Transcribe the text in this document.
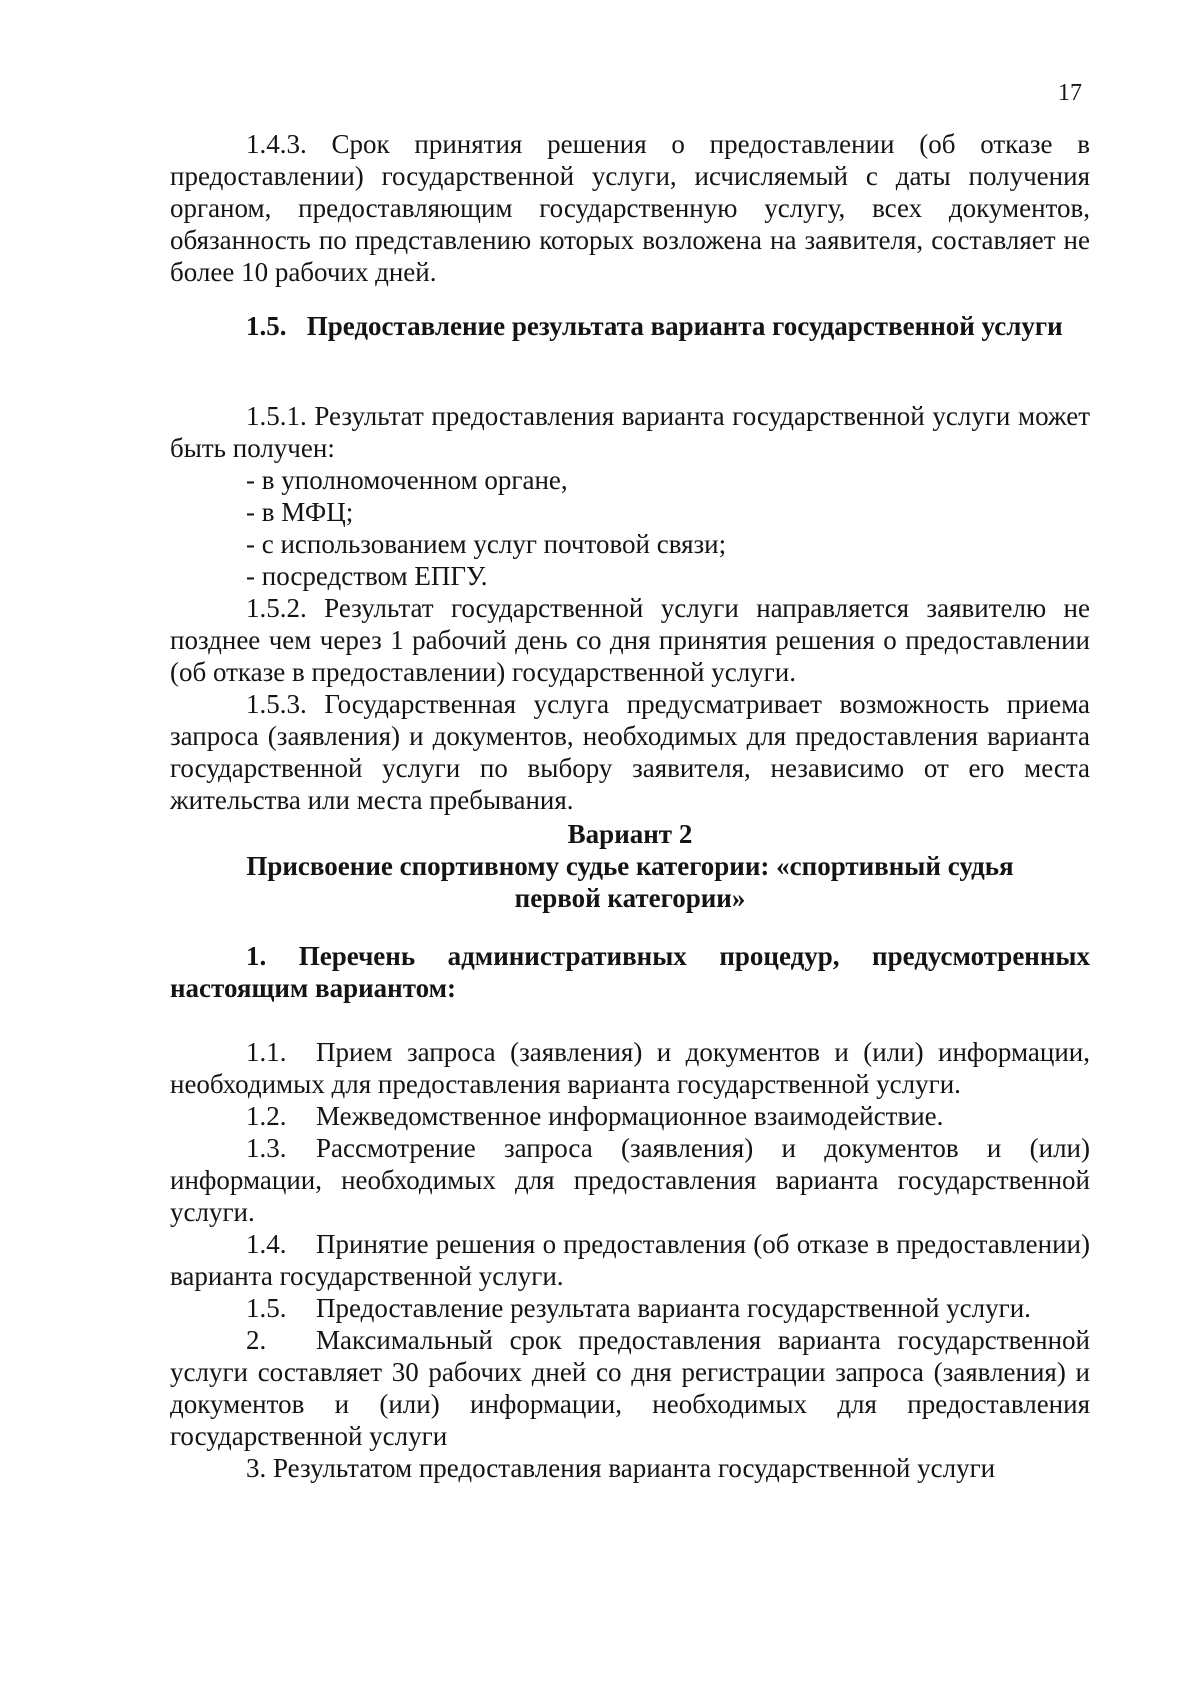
17

1.4.3. Срок принятия решения о предоставлении (об отказе в предоставлении) государственной услуги, исчисляемый с даты получения органом, предоставляющим государственную услугу, всех документов, обязанность по представлению которых возложена на заявителя, составляет не более 10 рабочих дней.

1.5.   Предоставление результата варианта государственной услуги

1.5.1. Результат предоставления варианта государственной услуги может быть получен:

- в уполномоченном органе,

- в МФЦ;

- с использованием услуг почтовой связи;

- посредством ЕПГУ.

1.5.2. Результат государственной услуги направляется заявителю не позднее чем через 1 рабочий день со дня принятия решения о предоставлении (об отказе в предоставлении) государственной услуги.

1.5.3. Государственная услуга предусматривает возможность приема запроса (заявления) и документов, необходимых для предоставления варианта государственной услуги по выбору заявителя, независимо от его места жительства или места пребывания.

Вариант 2

Присвоение спортивному судье категории: «спортивный судья

первой категории»

1. Перечень административных процедур, предусмотренных настоящим вариантом:

1.1. Прием запроса (заявления) и документов и (или) информации, необходимых для предоставления варианта государственной услуги.

1.2. Межведомственное информационное взаимодействие.

1.3. Рассмотрение запроса (заявления) и документов и (или) информации, необходимых для предоставления варианта государственной услуги.

1.4. Принятие решения о предоставления (об отказе в предоставлении) варианта государственной услуги.

1.5. Предоставление результата варианта государственной услуги.

2. Максимальный срок предоставления варианта государственной услуги составляет 30 рабочих дней со дня регистрации запроса (заявления) и документов и (или) информации, необходимых для предоставления государственной услуги

3. Результатом предоставления варианта государственной услуги
